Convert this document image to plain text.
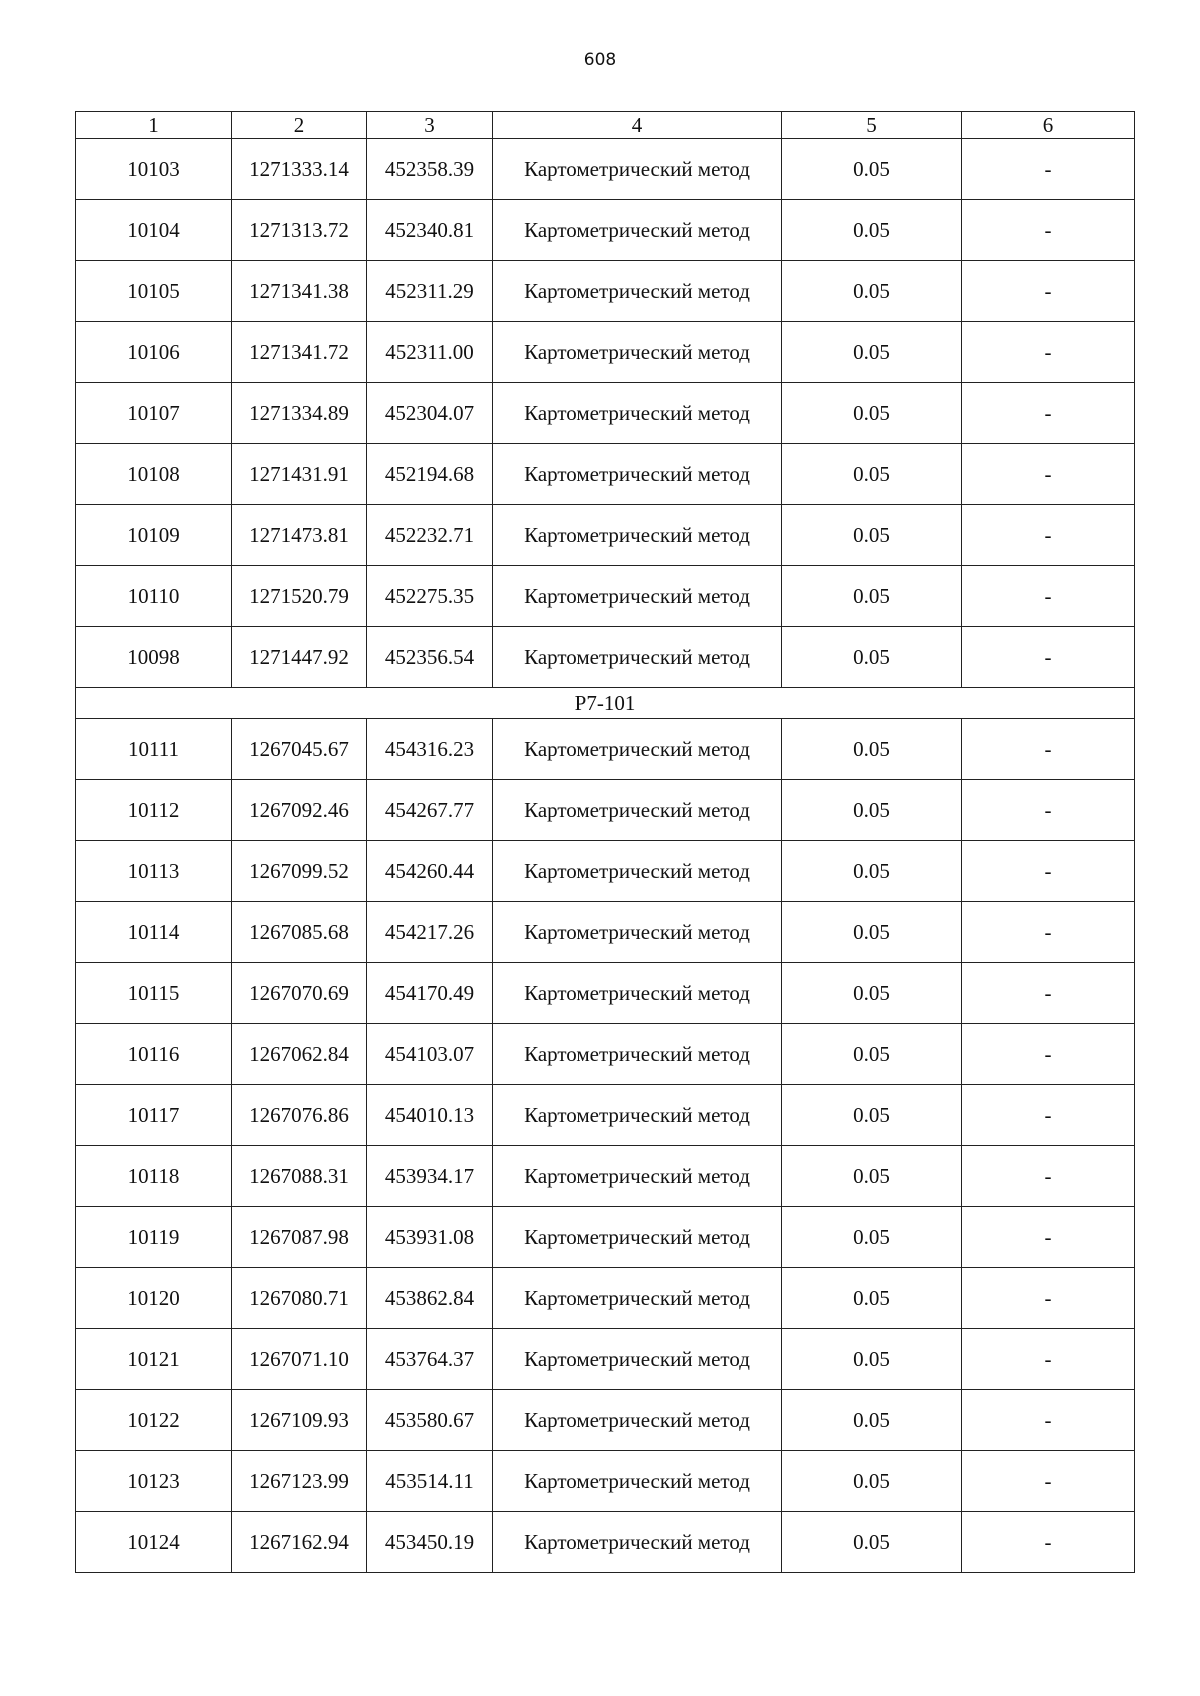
608
1	2	3	4	5	6
10103	1271333.14	452358.39	Картометрический метод	0.05	-
10104	1271313.72	452340.81	Картометрический метод	0.05	-
10105	1271341.38	452311.29	Картометрический метод	0.05	-
10106	1271341.72	452311.00	Картометрический метод	0.05	-
10107	1271334.89	452304.07	Картометрический метод	0.05	-
10108	1271431.91	452194.68	Картометрический метод	0.05	-
10109	1271473.81	452232.71	Картометрический метод	0.05	-
10110	1271520.79	452275.35	Картометрический метод	0.05	-
10098	1271447.92	452356.54	Картометрический метод	0.05	-
Р7-101					
10111	1267045.67	454316.23	Картометрический метод	0.05	-
10112	1267092.46	454267.77	Картометрический метод	0.05	-
10113	1267099.52	454260.44	Картометрический метод	0.05	-
10114	1267085.68	454217.26	Картометрический метод	0.05	-
10115	1267070.69	454170.49	Картометрический метод	0.05	-
10116	1267062.84	454103.07	Картометрический метод	0.05	-
10117	1267076.86	454010.13	Картометрический метод	0.05	-
10118	1267088.31	453934.17	Картометрический метод	0.05	-
10119	1267087.98	453931.08	Картометрический метод	0.05	-
10120	1267080.71	453862.84	Картометрический метод	0.05	-
10121	1267071.10	453764.37	Картометрический метод	0.05	-
10122	1267109.93	453580.67	Картометрический метод	0.05	-
10123	1267123.99	453514.11	Картометрический метод	0.05	-
10124	1267162.94	453450.19	Картометрический метод	0.05	-
